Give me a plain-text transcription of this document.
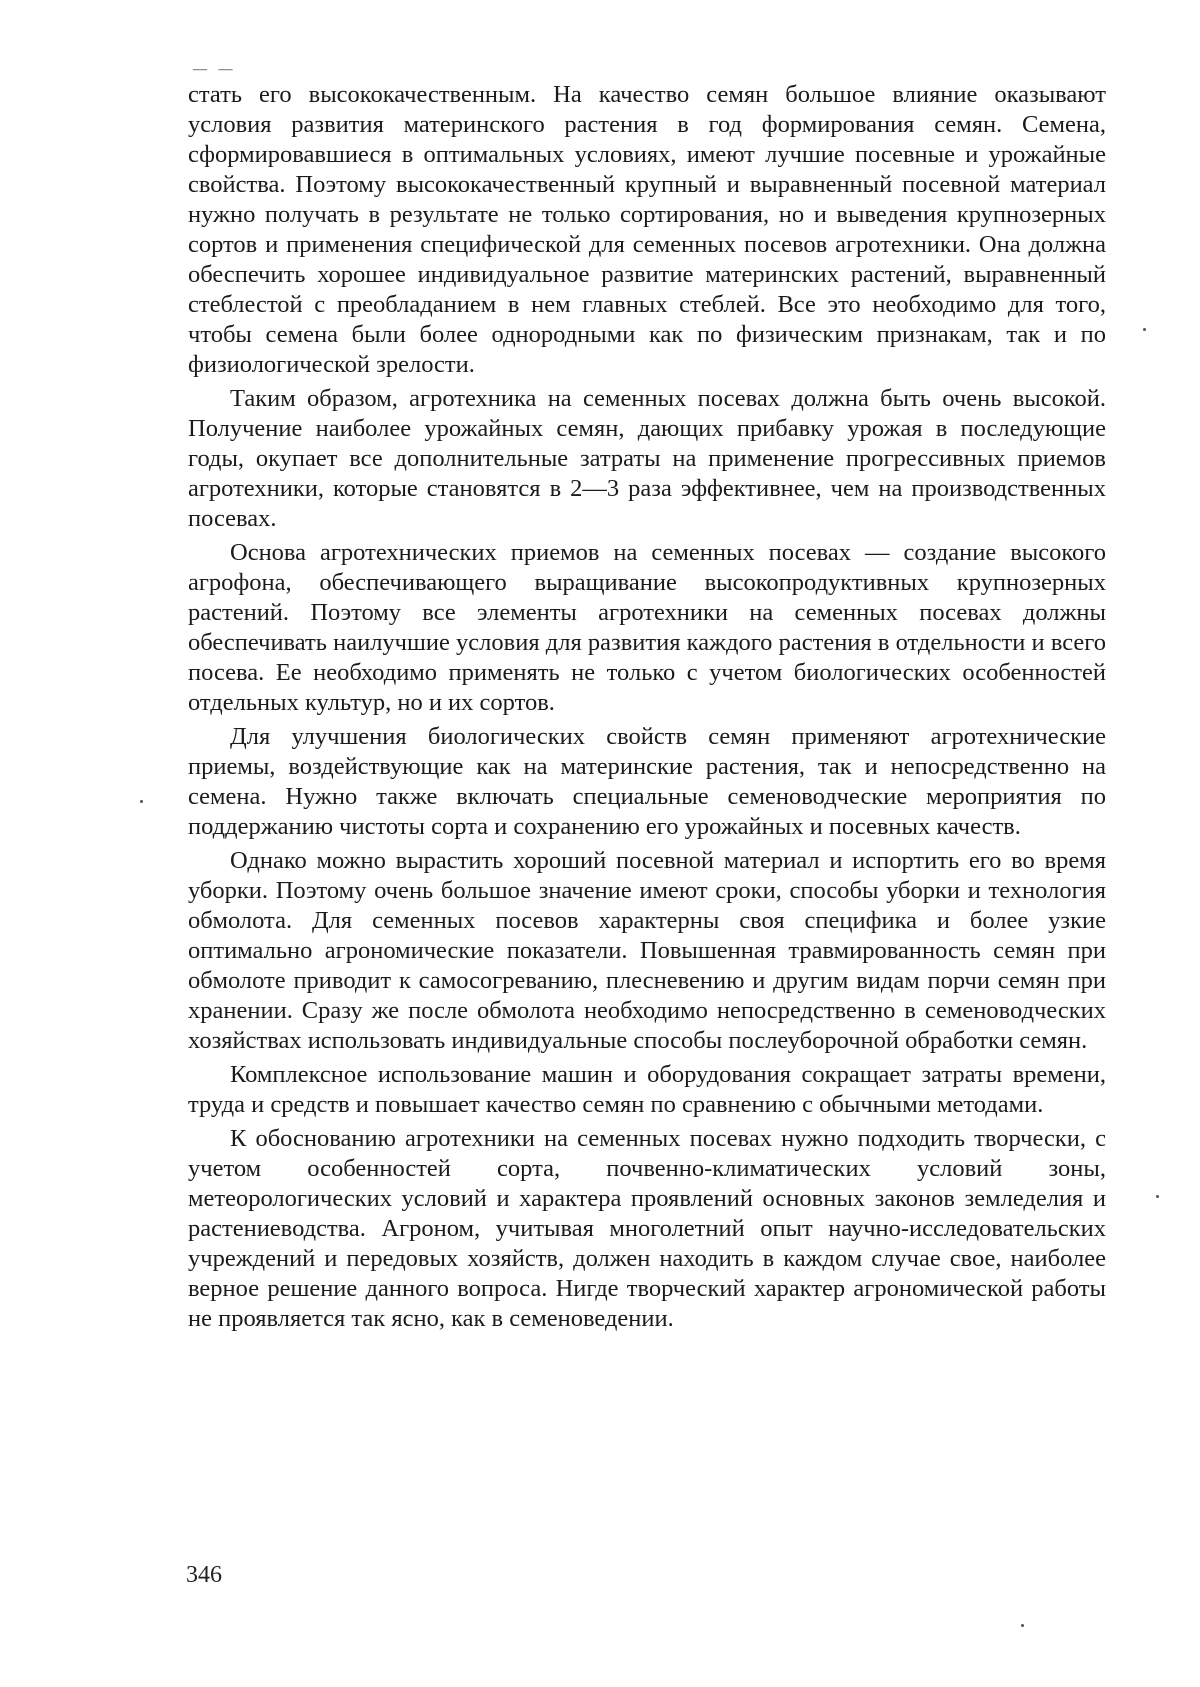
— —

стать его высококачественным. На качество семян большое влияние оказывают условия развития материнского растения в год формирования семян. Семена, сформировавшиеся в оптимальных условиях, имеют лучшие посевные и урожайные свойства. Поэтому высококачественный крупный и выравненный посевной материал нужно получать в результате не только сортирования, но и выведения крупнозерных сортов и применения специфической для семенных посевов агротехники. Она должна обеспечить хорошее индивидуальное развитие материнских растений, выравненный стеблестой с преобладанием в нем главных стеблей. Все это необходимо для того, чтобы семена были более однородными как по физическим признакам, так и по физиологической зрелости.

Таким образом, агротехника на семенных посевах должна быть очень высокой. Получение наиболее урожайных семян, дающих прибавку урожая в последующие годы, окупает все дополнительные затраты на применение прогрессивных приемов агротехники, которые становятся в 2—3 раза эффективнее, чем на производственных посевах.

Основа агротехнических приемов на семенных посевах — создание высокого агрофона, обеспечивающего выращивание высокопродуктивных крупнозерных растений. Поэтому все элементы агротехники на семенных посевах должны обеспечивать наилучшие условия для развития каждого растения в отдельности и всего посева. Ее необходимо применять не только с учетом биологических особенностей отдельных культур, но и их сортов.

Для улучшения биологических свойств семян применяют агротехнические приемы, воздействующие как на материнские растения, так и непосредственно на семена. Нужно также включать специальные семеноводческие мероприятия по поддержанию чистоты сорта и сохранению его урожайных и посевных качеств.

Однако можно вырастить хороший посевной материал и испортить его во время уборки. Поэтому очень большое значение имеют сроки, способы уборки и технология обмолота. Для семенных посевов характерны своя специфика и более узкие оптимально агрономические показатели. Повышенная травмированность семян при обмолоте приводит к самосогреванию, плесневению и другим видам порчи семян при хранении. Сразу же после обмолота необходимо непосредственно в семеноводческих хозяйствах использовать индивидуальные способы послеуборочной обработки семян.

Комплексное использование машин и оборудования сокращает затраты времени, труда и средств и повышает качество семян по сравнению с обычными методами.

К обоснованию агротехники на семенных посевах нужно подходить творчески, с учетом особенностей сорта, почвенно-климатических условий зоны, метеорологических условий и характера проявлений основных законов земледелия и растениеводства. Агроном, учитывая многолетний опыт научно-исследовательских учреждений и передовых хозяйств, должен находить в каждом случае свое, наиболее верное решение данного вопроса. Нигде творческий характер агрономической работы не проявляется так ясно, как в семеноведении.

346
